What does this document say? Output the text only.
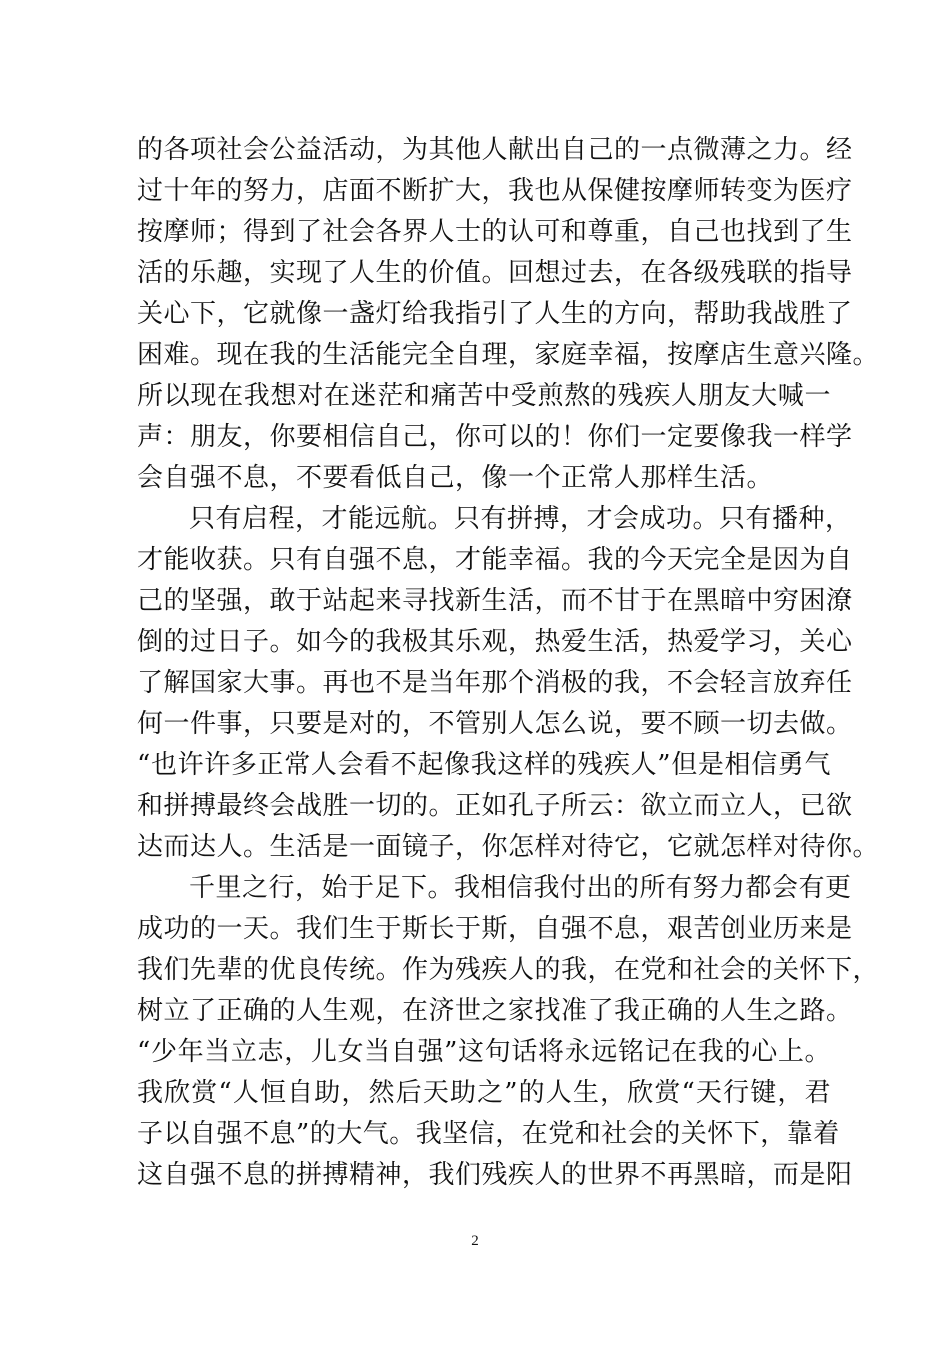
的各项社会公益活动，为其他人献出自己的一点微薄之力。经
过十年的努力，店面不断扩大，我也从保健按摩师转变为医疗
按摩师；得到了社会各界人士的认可和尊重，自己也找到了生
活的乐趣，实现了人生的价值。回想过去，在各级残联的指导
关心下，它就像一盏灯给我指引了人生的方向，帮助我战胜了
困难。现在我的生活能完全自理，家庭幸福，按摩店生意兴隆。
所以现在我想对在迷茫和痛苦中受煎熬的残疾人朋友大喊一
声：朋友，你要相信自己，你可以的！你们一定要像我一样学
会自强不息，不要看低自己，像一个正常人那样生活。
只有启程，才能远航。只有拼搏，才会成功。只有播种，
才能收获。只有自强不息，才能幸福。我的今天完全是因为自
己的坚强，敢于站起来寻找新生活，而不甘于在黑暗中穷困潦
倒的过日子。如今的我极其乐观，热爱生活，热爱学习，关心
了解国家大事。再也不是当年那个消极的我，不会轻言放弃任
何一件事，只要是对的，不管别人怎么说，要不顾一切去做。
“也许许多正常人会看不起像我这样的残疾人”但是相信勇气
和拼搏最终会战胜一切的。正如孔子所云：欲立而立人，已欲
达而达人。生活是一面镜子，你怎样对待它，它就怎样对待你。
千里之行，始于足下。我相信我付出的所有努力都会有更
成功的一天。我们生于斯长于斯，自强不息，艰苦创业历来是
我们先辈的优良传统。作为残疾人的我，在党和社会的关怀下，
树立了正确的人生观，在济世之家找准了我正确的人生之路。
“少年当立志，儿女当自强”这句话将永远铭记在我的心上。
我欣赏“人恒自助，然后天助之”的人生，欣赏“天行键，君
子以自强不息”的大气。我坚信，在党和社会的关怀下，靠着
这自强不息的拼搏精神，我们残疾人的世界不再黑暗，而是阳
2
